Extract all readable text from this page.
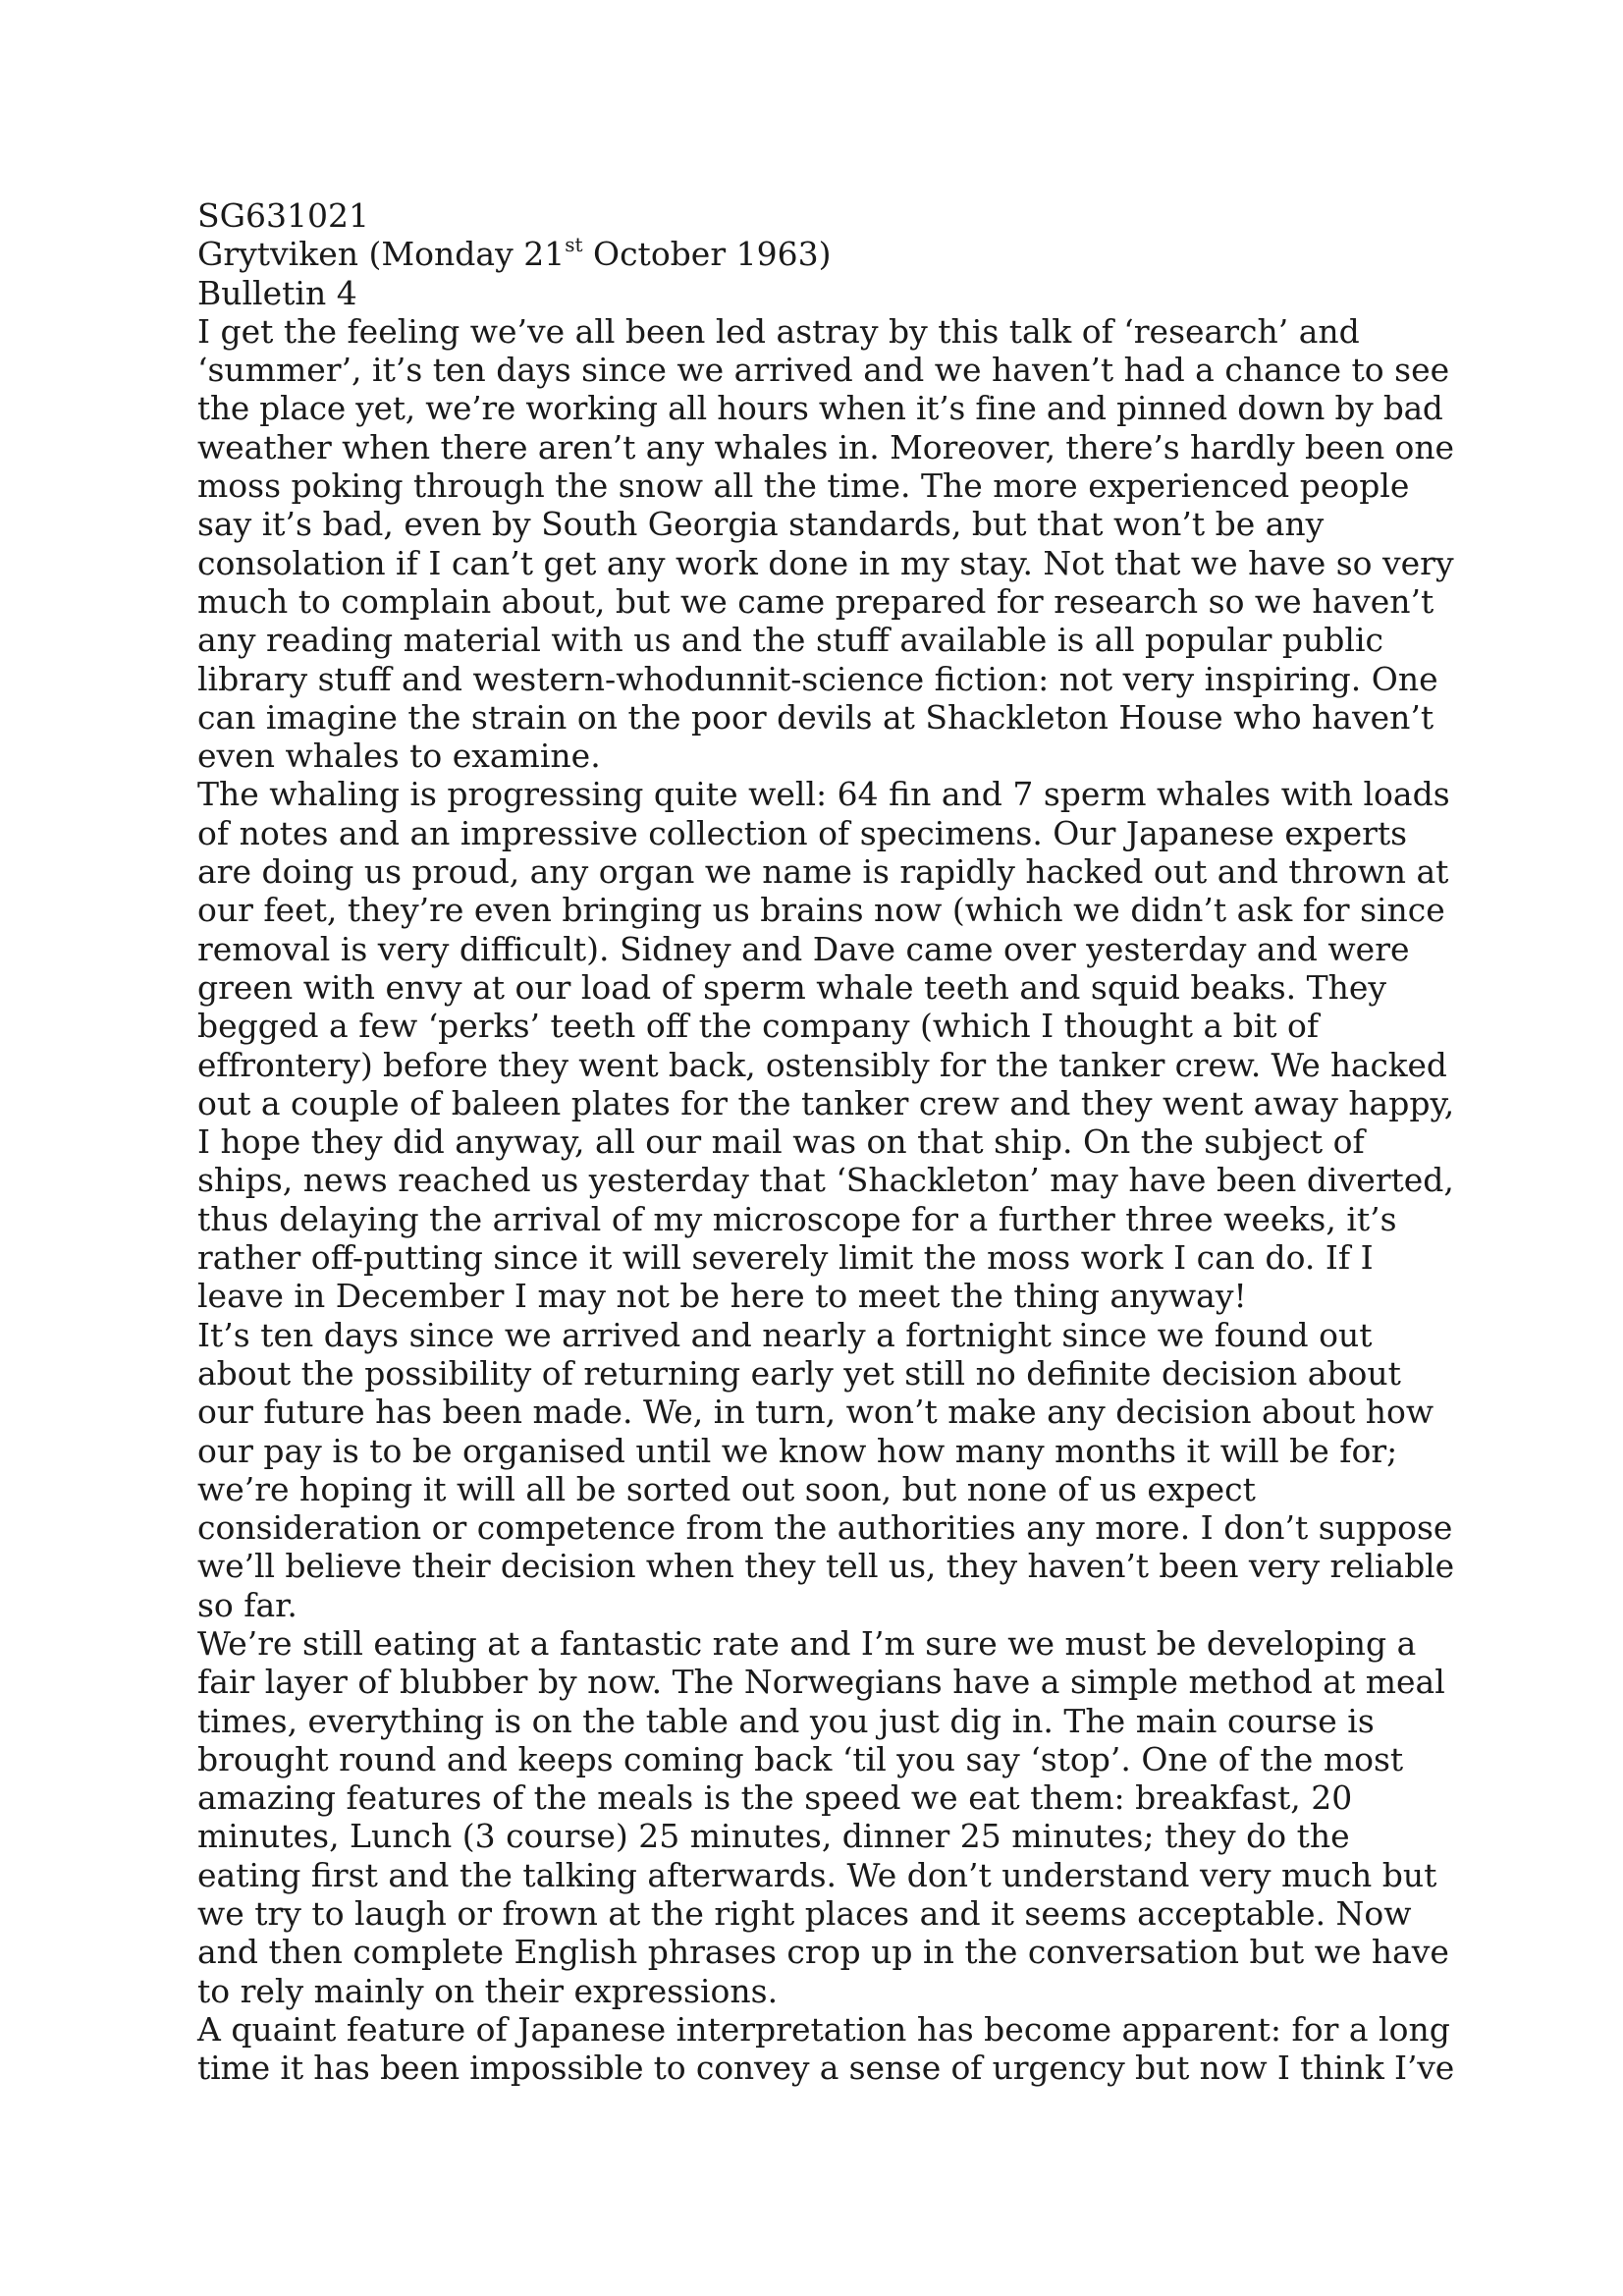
SG631021
Grytviken (Monday 21st October 1963)
Bulletin 4
I get the feeling we’ve all been led astray by this talk of ‘research’ and
‘summer’, it’s ten days since we arrived and we haven’t had a chance to see
the place yet, we’re working all hours when it’s fine and pinned down by bad
weather when there aren’t any whales in. Moreover, there’s hardly been one
moss poking through the snow all the time. The more experienced people
say it’s bad, even by South Georgia standards, but that won’t be any
consolation if I can’t get any work done in my stay. Not that we have so very
much to complain about, but we came prepared for research so we haven’t
any reading material with us and the stuff available is all popular public
library stuff and western-whodunnit-science fiction: not very inspiring. One
can imagine the strain on the poor devils at Shackleton House who haven’t
even whales to examine.
The whaling is progressing quite well: 64 fin and 7 sperm whales with loads
of notes and an impressive collection of specimens. Our Japanese experts
are doing us proud, any organ we name is rapidly hacked out and thrown at
our feet, they’re even bringing us brains now (which we didn’t ask for since
removal is very difficult). Sidney and Dave came over yesterday and were
green with envy at our load of sperm whale teeth and squid beaks. They
begged a few ‘perks’ teeth off the company (which I thought a bit of
effrontery) before they went back, ostensibly for the tanker crew. We hacked
out a couple of baleen plates for the tanker crew and they went away happy,
I hope they did anyway, all our mail was on that ship. On the subject of
ships, news reached us yesterday that ‘Shackleton’ may have been diverted,
thus delaying the arrival of my microscope for a further three weeks, it’s
rather off-putting since it will severely limit the moss work I can do. If I
leave in December I may not be here to meet the thing anyway!
It’s ten days since we arrived and nearly a fortnight since we found out
about the possibility of returning early yet still no definite decision about
our future has been made. We, in turn, won’t make any decision about how
our pay is to be organised until we know how many months it will be for;
we’re hoping it will all be sorted out soon, but none of us expect
consideration or competence from the authorities any more. I don’t suppose
we’ll believe their decision when they tell us, they haven’t been very reliable
so far.
We’re still eating at a fantastic rate and I’m sure we must be developing a
fair layer of blubber by now. The Norwegians have a simple method at meal
times, everything is on the table and you just dig in. The main course is
brought round and keeps coming back ‘til you say ‘stop’. One of the most
amazing features of the meals is the speed we eat them: breakfast, 20
minutes, Lunch (3 course) 25 minutes, dinner 25 minutes; they do the
eating first and the talking afterwards. We don’t understand very much but
we try to laugh or frown at the right places and it seems acceptable. Now
and then complete English phrases crop up in the conversation but we have
to rely mainly on their expressions.
A quaint feature of Japanese interpretation has become apparent: for a long
time it has been impossible to convey a sense of urgency but now I think I’ve
